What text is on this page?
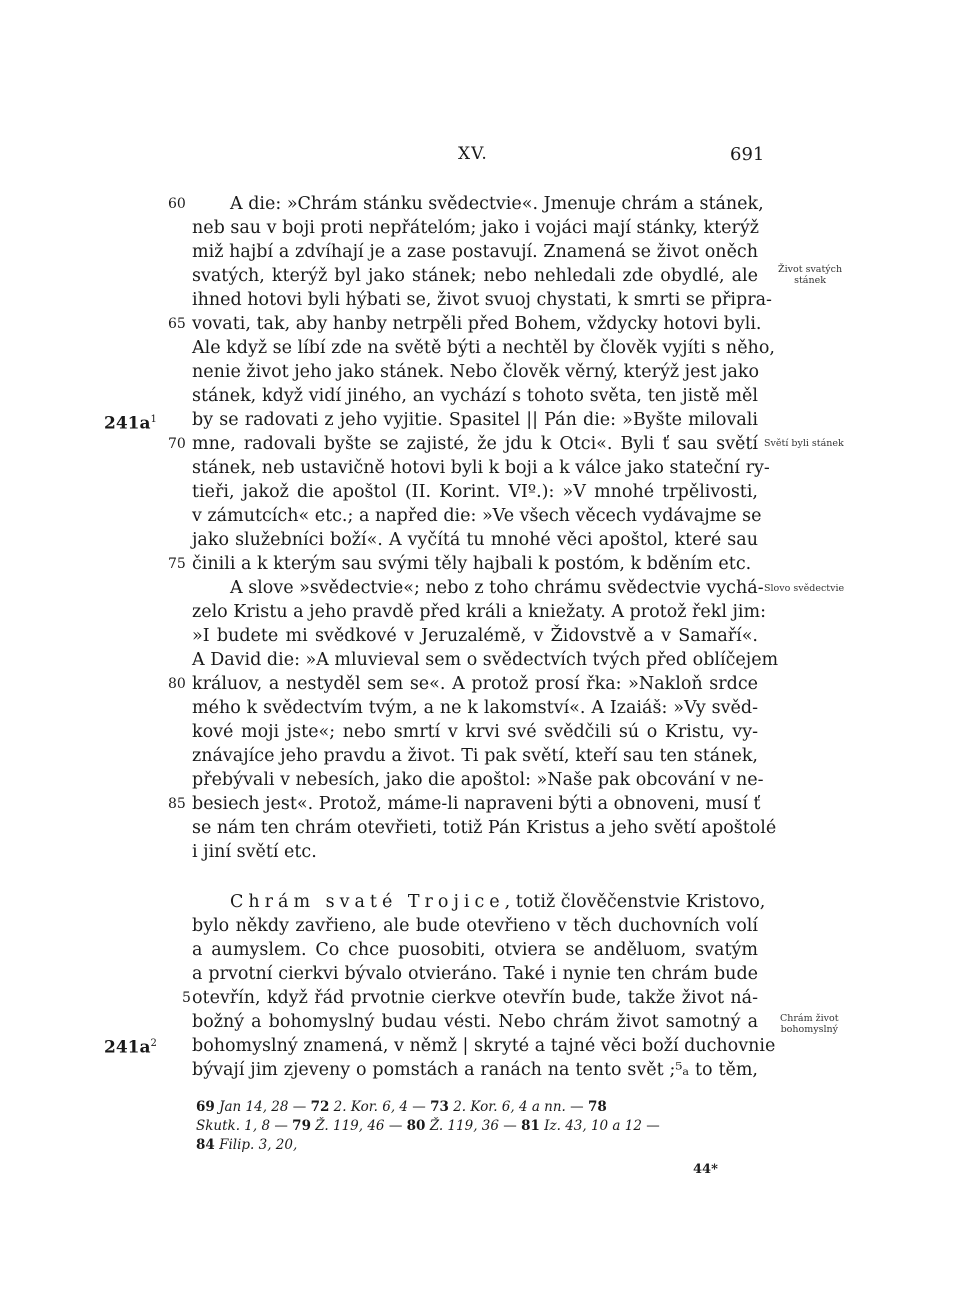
XV.	691
A die: »Chrám stánku svědectvie«. Jmenuje chrám a stánek,
60
neb sau v boji proti nepřátelóm; jako i vojáci mají stánky, kterýž
miž hajbí a zdvíhají je a zase postavují. Znamená se život oněch
svatých, kterýž byl jako stánek; nebo nehledali zde obydlé, ale
ihned hotovi byli hýbati se, život svuoj chystati, k smrti se připra-
vovati, tak, aby hanby netrpěli před Bohem, vždycky hotovi byli.
65
Ale když se líbí zde na světě býti a nechtěl by člověk vyjíti s něho,
nenie život jeho jako stánek. Nebo člověk věrný, kterýž jest jako
stánek, když vidí jiného, an vychází s tohoto světa, ten jistě měl
by se radovati z jeho vyjitie. Spasitel || Pán die: »Byšte milovali
mne, radovali byšte se zajisté, že jdu k Otci«. Byli ť sau světí
70
stánek, neb ustavičně hotovi byli k boji a k válce jako stateční ry-
tieři, jakož die apoštol (II. Korint. VIº.): »V mnohé trpělivosti,
v zámutcích« etc.; a napřed die: »Ve všech věcech vydávajme se
jako služebníci boží«. A vyčítá tu mnohé věci apoštol, které sau
činili a k kterým sau svými těly hajbali k postóm, k bděním etc.
75
A slove »svědectvie«; nebo z toho chrámu svědectvie vychá-
zelo Kristu a jeho pravdě před králi a kniežaty. A protož řekl jim:
»I budete mi svědkové v Jeruzalémě, v Židovstvě a v Samaří«.
A David die: »A mluvieval sem o svědectvích tvých před oblíčejem
králuov, a nestyděl sem se«. A protož prosí řka: »Nakloň srdce
80
mého k svědectvím tvým, a ne k lakomství«. A Izaiáš: »Vy svěd-
kové moji jste«; nebo smrtí v krvi své svědčili sú o Kristu, vy-
znávajíce jeho pravdu a život. Ti pak světí, kteří sau ten stánek,
přebývali v nebesích, jako die apoštol: »Naše pak obcování v ne-
besiech jest«. Protož, máme-li napraveni býti a obnoveni, musí ť
85
se nám ten chrám otevřieti, totiž Pán Kristus a jeho světí apoštolé
i jiní světí etc.
Chrám svaté Trojice, totiž člověčenstvie Kristovo,
bylo někdy zavřieno, ale bude otevřieno v těch duchovních volí
a aumyslem. Co chce puosobiti, otviera se anděluom, svatým
a prvotní cierkvi bývalo otvieráno. Také i nynie ten chrám bude
otevřín, když řád prvotnie cierkve otevřín bude, takže život ná-
5
božný a bohomyslný budau vésti. Nebo chrám život samotný a
bohomyslný znamená, v němž | skryté a tajné věci boží duchovnie
bývají jim zjeveny o pomstách a ranách na tento svět ;⁵ₐ to těm,
$241a^1$
$241a^2$
Život svatých
stánek
Světí byli stánek
Slovo svědectvie
Chrám život
bohomyslný
69 Jan 14, 28 — 72 2. Kor. 6, 4 — 73 2. Kor. 6, 4 a nn. — 78
Skutk. 1, 8 — 79 Ž. 119, 46 — 80 Ž. 119, 36 — 81 Iz. 43, 10 a 12 —
84 Filip. 3, 20,
44*
